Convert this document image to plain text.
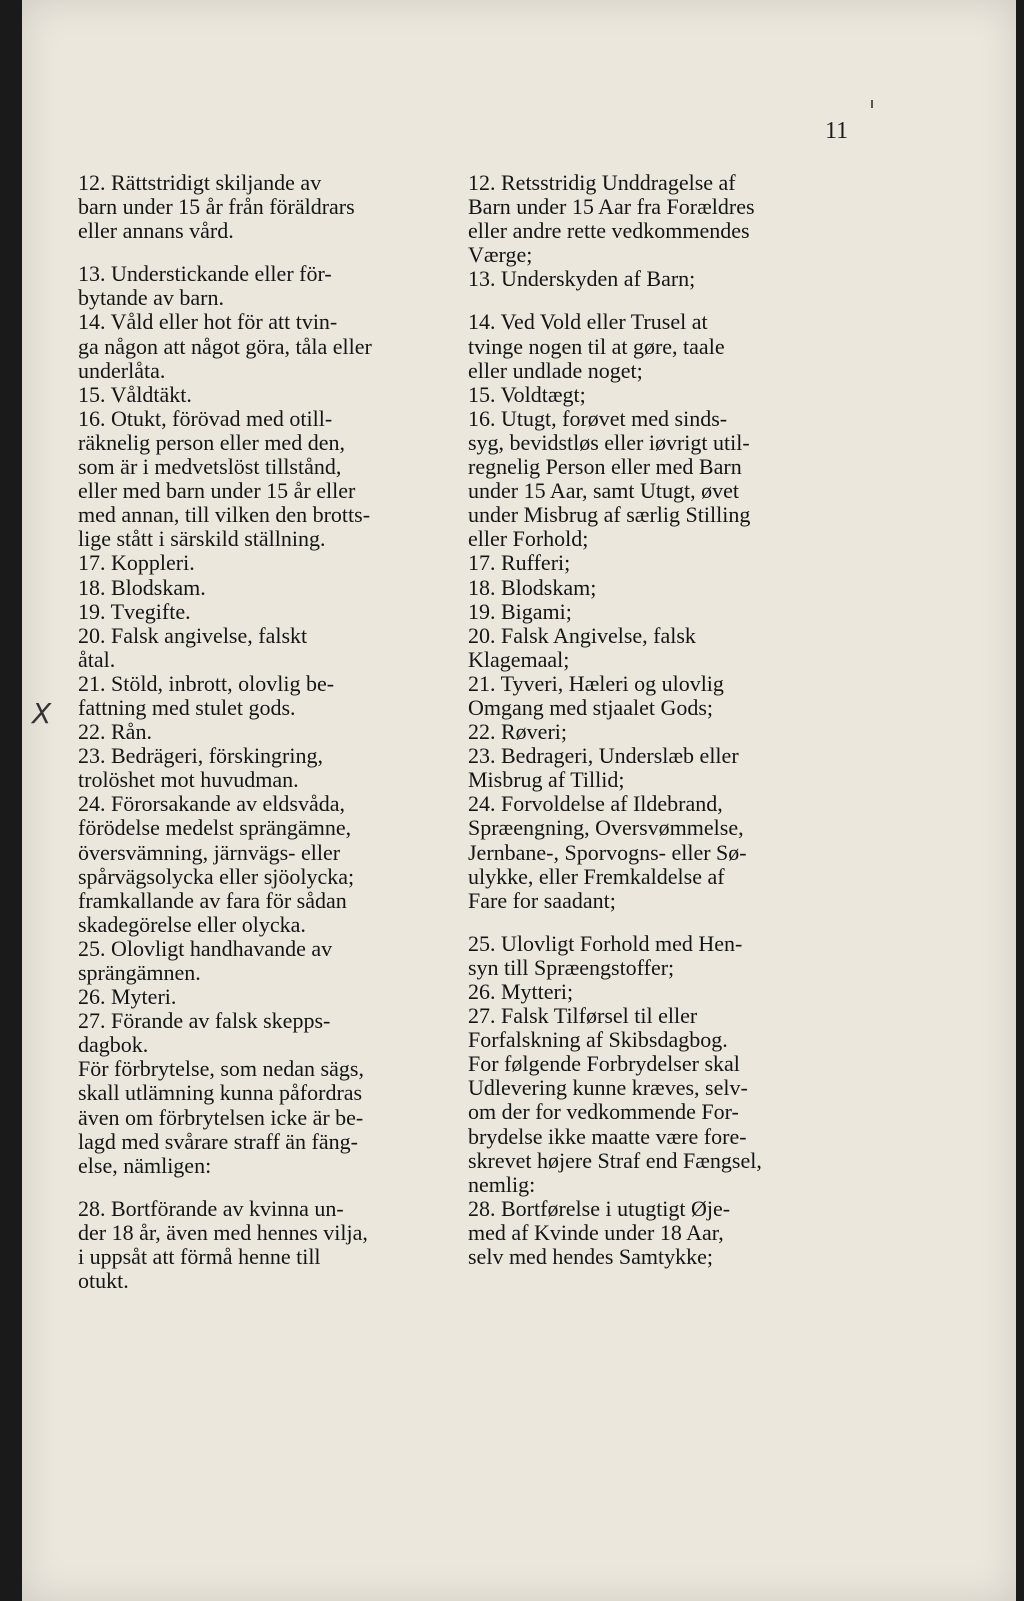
11
X

12. Rättstridigt skiljande av
barn under 15 år från föräldrars
eller annans vård.

13. Understickande eller för-
bytande av barn.

14. Våld eller hot för att tvin-
ga någon att något göra, tåla eller
underlåta.

15. Våldtäkt.

16. Otukt, förövad med otill-
räknelig person eller med den,
som är i medvetslöst tillstånd,
eller med barn under 15 år eller
med annan, till vilken den brotts-
lige stått i särskild ställning.

17. Koppleri.

18. Blodskam.

19. Tvegifte.

20. Falsk angivelse, falskt
åtal.

21. Stöld, inbrott, olovlig be-
fattning med stulet gods.

22. Rån.

23. Bedrägeri, förskingring,
trolöshet mot huvudman.

24. Förorsakande av eldsvåda,
förödelse medelst sprängämne,
översvämning, järnvägs- eller
spårvägsolycka eller sjöolycka;
framkallande av fara för sådan
skadegörelse eller olycka.

25. Olovligt handhavande av
sprängämnen.

26. Myteri.

27. Förande av falsk skepps-
dagbok.

För förbrytelse, som nedan sägs,
skall utlämning kunna påfordras
även om förbrytelsen icke är be-
lagd med svårare straff än fäng-
else, nämligen:

28. Bortförande av kvinna un-
der 18 år, även med hennes vilja,
i uppsåt att förmå henne till
otukt.

12. Retsstridig Unddragelse af
Barn under 15 Aar fra Forældres
eller andre rette vedkommendes
Værge;

13. Underskyden af Barn;

14. Ved Vold eller Trusel at
tvinge nogen til at gøre, taale
eller undlade noget;

15. Voldtægt;

16. Utugt, forøvet med sinds-
syg, bevidstløs eller iøvrigt util-
regnelig Person eller med Barn
under 15 Aar, samt Utugt, øvet
under Misbrug af særlig Stilling
eller Forhold;

17. Rufferi;

18. Blodskam;

19. Bigami;

20. Falsk Angivelse, falsk
Klagemaal;

21. Tyveri, Hæleri og ulovlig
Omgang med stjaalet Gods;

22. Røveri;

23. Bedrageri, Underslæb eller
Misbrug af Tillid;

24. Forvoldelse af Ildebrand,
Spræengning, Oversvømmelse,
Jernbane-, Sporvogns- eller Sø-
ulykke, eller Fremkaldelse af
Fare for saadant;

25. Ulovligt Forhold med Hen-
syn till Spræengstoffer;

26. Mytteri;

27. Falsk Tilførsel til eller
Forfalskning af Skibsdagbog.

For følgende Forbrydelser skal
Udlevering kunne kræves, selv-
om der for vedkommende For-
brydelse ikke maatte være fore-
skrevet højere Straf end Fængsel,
nemlig:

28. Bortførelse i utugtigt Øje-
med af Kvinde under 18 Aar,
selv med hendes Samtykke;
